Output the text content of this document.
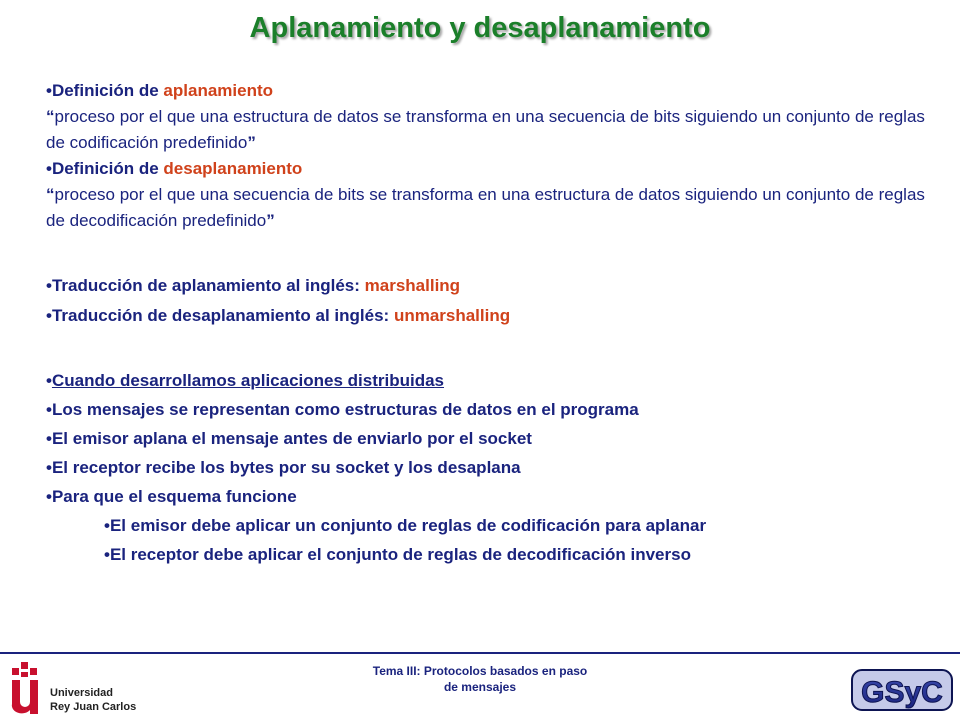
Aplanamiento y desaplanamiento
•Definición de aplanamiento
“proceso por el que una estructura de datos se transforma en una secuencia de bits siguiendo un conjunto de reglas de codificación predefinido”
•Definición de desaplanamiento
“proceso por el que una secuencia de bits se transforma en una estructura de datos siguiendo un conjunto de reglas de decodificación predefinido”
•Traducción de aplanamiento al inglés: marshalling
•Traducción de desaplanamiento al inglés: unmarshalling
•Cuando desarrollamos aplicaciones distribuidas
•Los mensajes se representan como estructuras de datos en el programa
•El emisor aplana el mensaje antes de enviarlo por el socket
•El receptor recibe los bytes por su socket y los desaplana
•Para que el esquema funcione
•El emisor debe aplicar un conjunto de reglas de codificación para aplanar
•El receptor debe aplicar el conjunto de reglas de decodificación inverso
Universidad
Rey Juan Carlos
Tema III: Protocolos basados en paso
de mensajes	GSyC
